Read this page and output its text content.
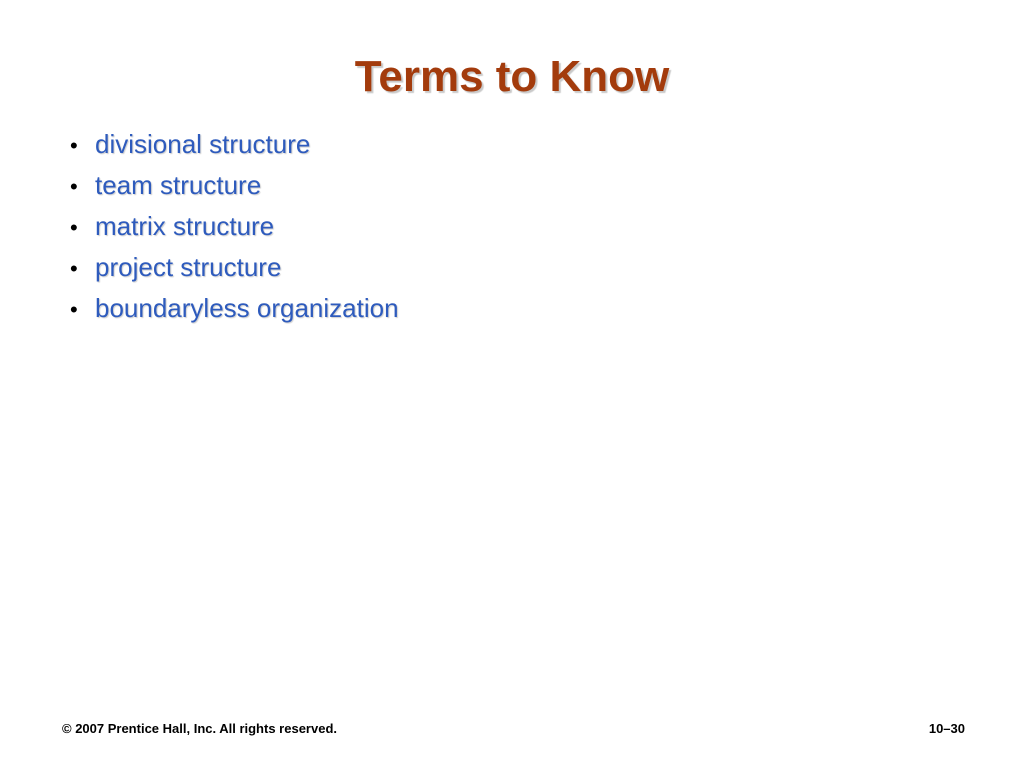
Terms to Know
• divisional structure
• team structure
• matrix structure
• project structure
• boundaryless organization
© 2007 Prentice Hall, Inc. All rights reserved.	10–30
